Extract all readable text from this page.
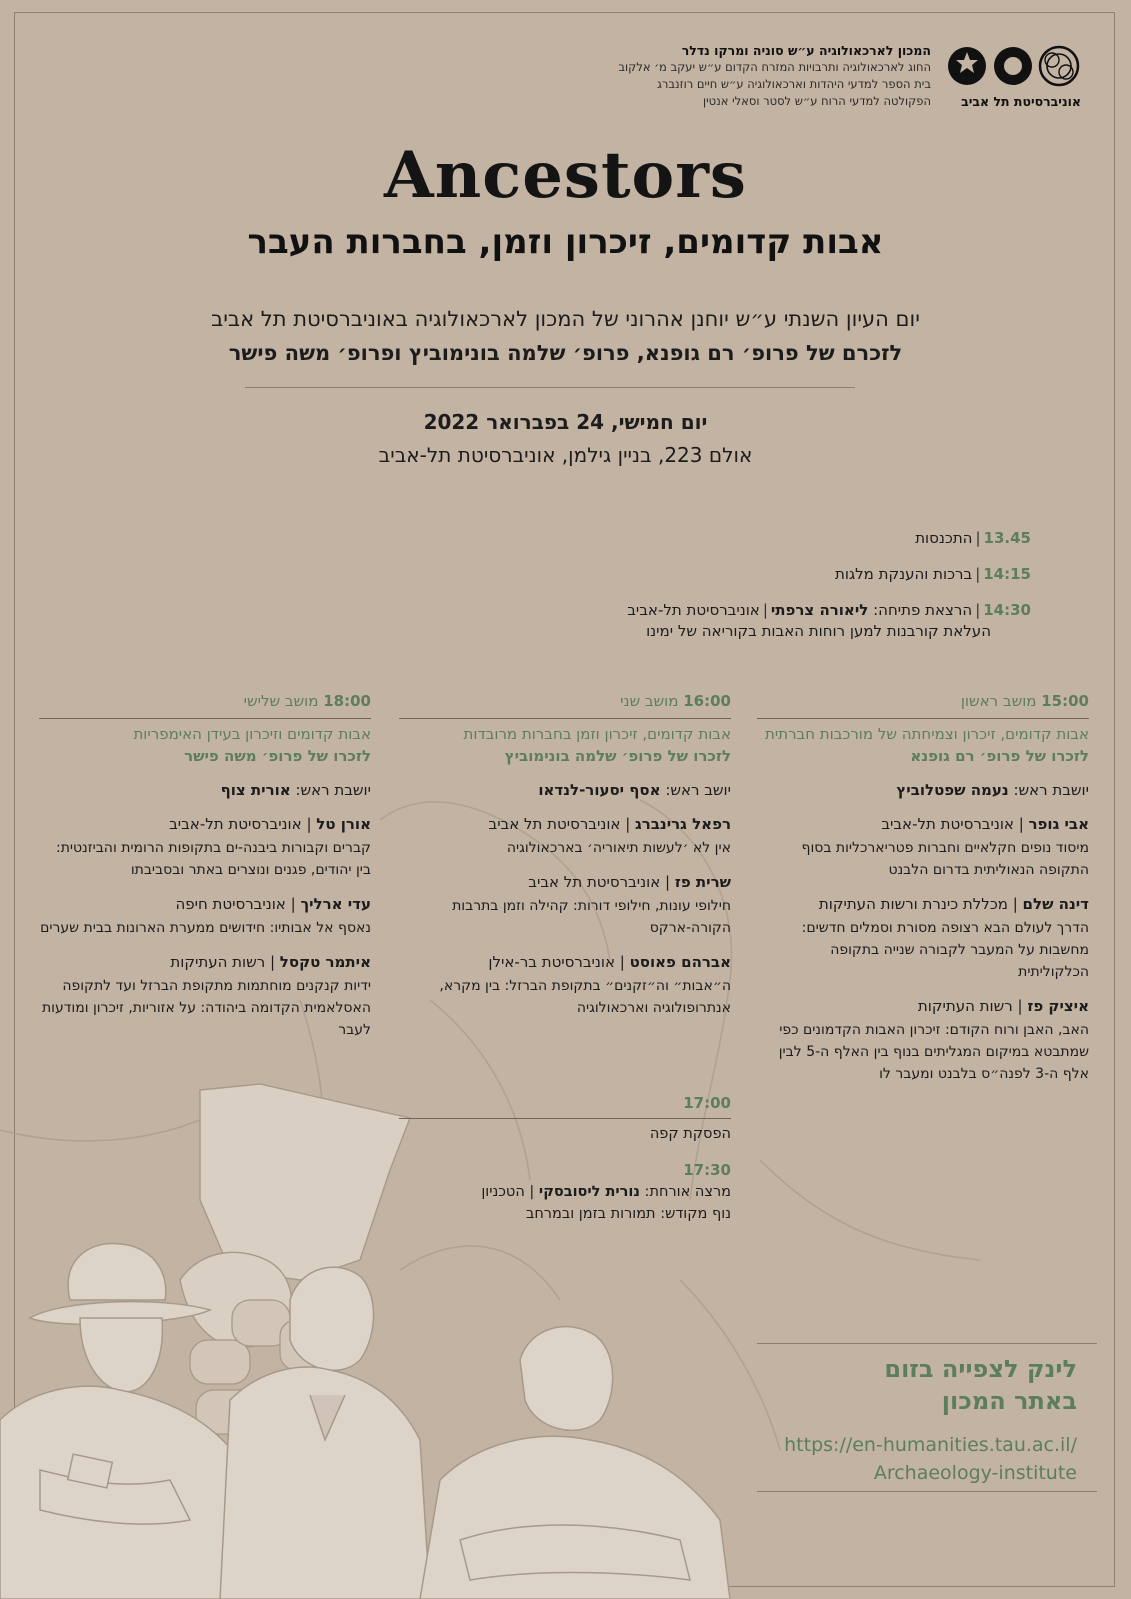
המכון לארכאולוגיה ע״ש סוניה ומרקו נדלר
החוג לארכאולוגיה ותרבויות המזרח הקדום ע״ש יעקב מ׳ אלקוב
בית הספר למדעי היהדות וארכאולוגיה ע״ש חיים רוזנברג
הפקולטה למדעי הרוח ע״ש לסטר וסאלי אנטין	אוניברסיטת תל אביב
Ancestors
אבות קדומים, זיכרון וזמן, בחברות העבר
יום העיון השנתי ע״ש יוחנן אהרוני של המכון לארכאולוגיה באוניברסיטת תל אביב
לזכרם של פרופ׳ רם גופנא, פרופ׳ שלמה בונימוביץ ופרופ׳ משה פישר
יום חמישי, 24 בפברואר 2022
אולם 223, בניין גילמן, אוניברסיטת תל-אביב
13.45|התכנסות
14:15|ברכות והענקת מלגות
14:30|הרצאת פתיחה: ליאורה צרפתי|אוניברסיטת תל-אביב
העלאת קורבנות למען רוחות האבות בקוריאה של ימינו
15:00 מושב ראשון
אבות קדומים, זיכרון וצמיחתה של מורכבות חברתית
לזכרו של פרופ׳ רם גופנא
יושבת ראש: נעמה שפטלוביץ
אבי גופר | אוניברסיטת תל-אביב
מיסוד נופים חקלאיים וחברות פטריארכליות בסוף התקופה הנאוליתית בדרום הלבנט
דינה שלם | מכללת כינרת ורשות העתיקות
הדרך לעולם הבא רצופה מסורת וסמלים חדשים: מחשבות על המעבר לקבורה שנייה בתקופה הכלקוליתית
איציק פז | רשות העתיקות
האב, האבן ורוח הקודם: זיכרון האבות הקדמונים כפי שמתבטא במיקום המגליתים בנוף בין האלף ה-5 לבין אלף ה-3 לפנה״ס בלבנט ומעבר לו
16:00 מושב שני
אבות קדומים, זיכרון וזמן בחברות מרובדות
לזכרו של פרופ׳ שלמה בונימוביץ
יושב ראש: אסף יסעור-לנדאו
רפאל גרינברג | אוניברסיטת תל אביב
אין לא ׳לעשות תיאוריה׳ בארכאולוגיה
שרית פז | אוניברסיטת תל אביב
חילופי עונות, חילופי דורות: קהילה וזמן בתרבות הקורה-ארקס
אברהם פאוסט | אוניברסיטת בר-אילן
ה״אבות״ וה״זקנים״ בתקופת הברזל: בין מקרא, אנתרופולוגיה וארכאולוגיה
18:00 מושב שלישי
אבות קדומים וזיכרון בעידן האימפריות
לזכרו של פרופ׳ משה פישר
יושבת ראש: אורית צוף
אורן טל | אוניברסיטת תל-אביב
קברים וקבורות ביבנה-ים בתקופות הרומית והביזנטית: בין יהודים, פגנים ונוצרים באתר ובסביבתו
עדי ארליך | אוניברסיטת חיפה
נאסף אל אבותיו: חידושים ממערת הארונות בבית שערים
איתמר טקסל | רשות העתיקות
ידיות קנקנים מוחתמות מתקופת הברזל ועד לתקופה האסלאמית הקדומה ביהודה: על אזוריות, זיכרון ומודעות לעבר
17:00
הפסקת קפה
17:30
מרצה אורחת: נורית ליסובסקי | הטכניון
נוף מקודש: תמורות בזמן ובמרחב
לינק לצפייה בזום
באתר המכון
https://en-humanities.tau.ac.il/
Archaeology-institute
